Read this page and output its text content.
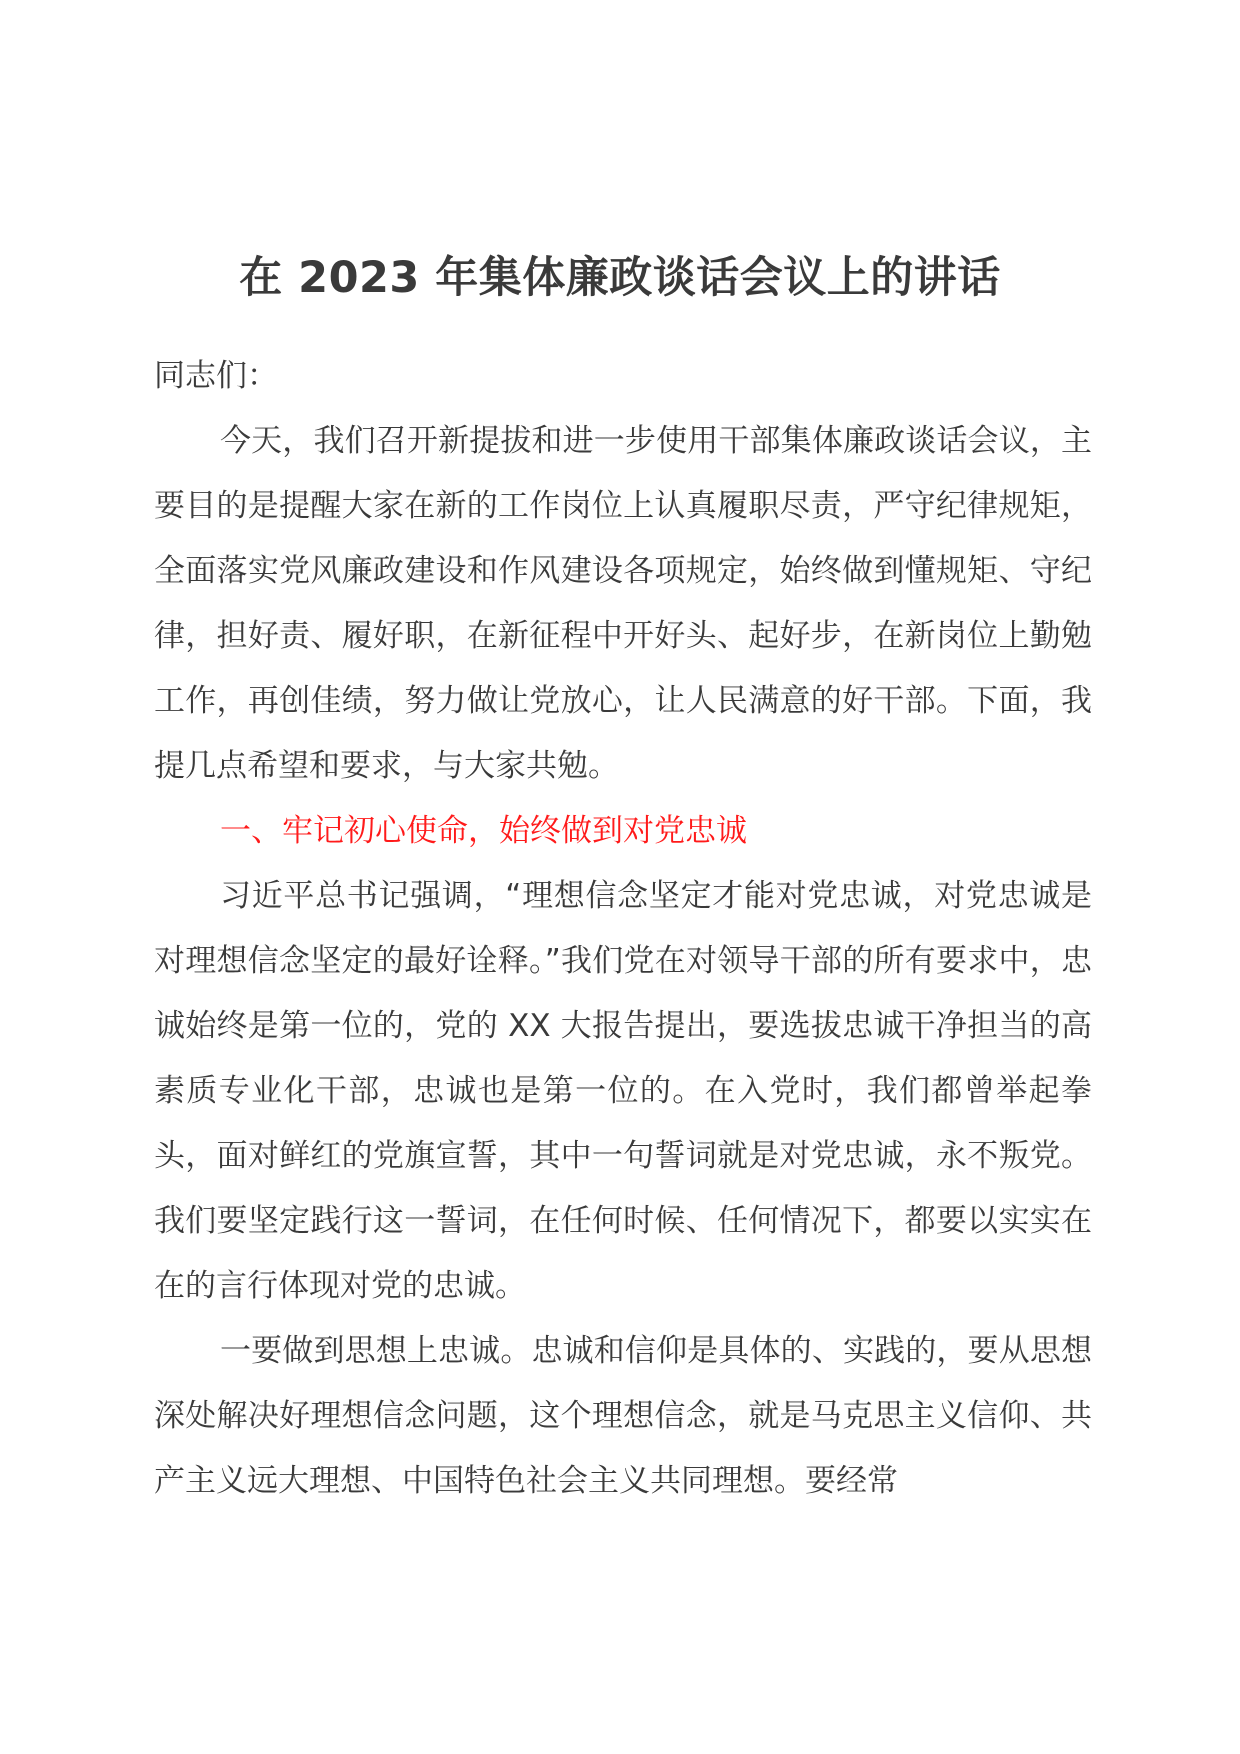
在 2023 年集体廉政谈话会议上的讲话

同志们：

今天，我们召开新提拔和进一步使用干部集体廉政谈话会议，主要目的是提醒大家在新的工作岗位上认真履职尽责，严守纪律规矩，全面落实党风廉政建设和作风建设各项规定，始终做到懂规矩、守纪律，担好责、履好职，在新征程中开好头、起好步，在新岗位上勤勉工作，再创佳绩，努力做让党放心，让人民满意的好干部。下面，我提几点希望和要求，与大家共勉。

一、牢记初心使命，始终做到对党忠诚

习近平总书记强调，“理想信念坚定才能对党忠诚，对党忠诚是对理想信念坚定的最好诠释。”我们党在对领导干部的所有要求中，忠诚始终是第一位的，党的 XX 大报告提出，要选拔忠诚干净担当的高素质专业化干部，忠诚也是第一位的。在入党时，我们都曾举起拳头，面对鲜红的党旗宣誓，其中一句誓词就是对党忠诚，永不叛党。我们要坚定践行这一誓词，在任何时候、任何情况下，都要以实实在在的言行体现对党的忠诚。

一要做到思想上忠诚。忠诚和信仰是具体的、实践的，要从思想深处解决好理想信念问题，这个理想信念，就是马克思主义信仰、共产主义远大理想、中国特色社会主义共同理想。要经常
